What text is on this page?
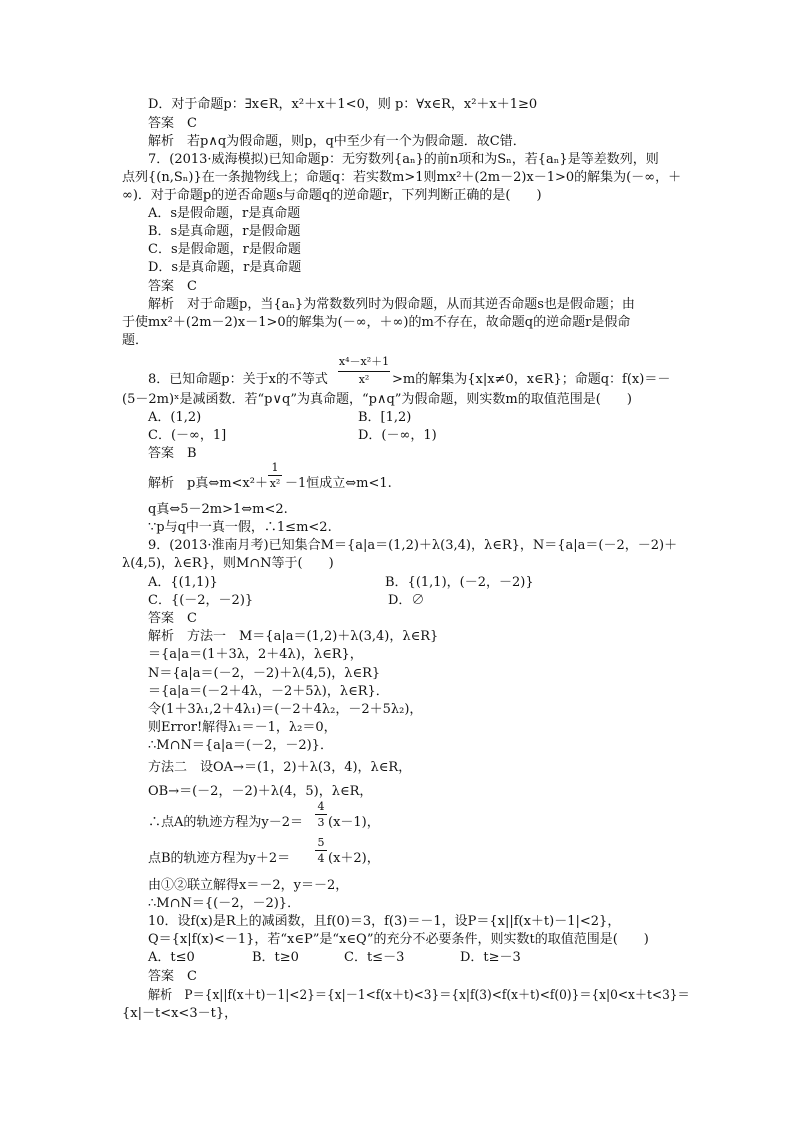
D．对于命题p：∃x∈R，x²＋x＋1<0，则 p：∀x∈R，x²＋x＋1≥0
答案　C
解析　若p∧q为假命题，则p，q中至少有一个为假命题．故C错．
7．(2013·威海模拟)已知命题p：无穷数列{aₙ}的前n项和为Sₙ，若{aₙ}是等差数列，则
点列{(n,Sₙ)}在一条抛物线上；命题q：若实数m>1则mx²＋(2m－2)x－1>0的解集为(－∞，＋
∞)．对于命题p的逆否命题s与命题q的逆命题r，下列判断正确的是(　　)
A．s是假命题，r是真命题
B．s是真命题，r是假命题
C．s是假命题，r是假命题
D．s是真命题，r是真命题
答案　C
解析　对于命题p，当{aₙ}为常数数列时为假命题，从而其逆否命题s也是假命题；由
于使mx²＋(2m－2)x－1>0的解集为(－∞，＋∞)的m不存在，故命题q的逆命题r是假命
题．
8．已知命题p：关于x的不等式
x⁴－x²＋1
x²	>m的解集为{x|x≠0，x∈R}；命题q：f(x)＝－
(5－2m)ˣ是减函数．若“p∨q”为真命题，“p∧q”为假命题，则实数m的取值范围是(　　)
A．(1,2)	B．[1,2)
C．(－∞，1]	D．(－∞，1)
答案　B
解析　p真⇔m<x²＋
1
x² －1恒成立⇔m<1.
q真⇔5－2m>1⇔m<2.
∵p与q中一真一假，∴1≤m<2.
9．(2013·淮南月考)已知集合M＝{a|a＝(1,2)＋λ(3,4)，λ∈R}，N＝{a|a＝(－2，－2)＋
λ(4,5)，λ∈R}，则M∩N等于(　　)
A．{(1,1)}	B．{(1,1)，(－2，－2)}
C．{(－2，－2)}	D．∅
答案　C
解析　方法一　M＝{a|a＝(1,2)＋λ(3,4)，λ∈R}
＝{a|a＝(1＋3λ，2＋4λ)，λ∈R}，
N＝{a|a＝(－2，－2)＋λ(4,5)，λ∈R}
＝{a|a＝(－2＋4λ，－2＋5λ)，λ∈R}．
令(1＋3λ₁,2＋4λ₁)＝(－2＋4λ₂，－2＋5λ₂)，
则Error!解得λ₁＝－1，λ₂＝0，
∴M∩N＝{a|a＝(－2，－2)}．
方法二　设OA→＝(1，2)＋λ(3，4)，λ∈R，
OB→＝(－2，－2)＋λ(4，5)，λ∈R，
∴点A的轨迹方程为y－2＝
4
3 (x－1)，
点B的轨迹方程为y＋2＝
5
4 (x＋2)，
由①②联立解得x＝－2，y＝－2，
∴M∩N＝{(－2，－2)}．
10．设f(x)是R上的减函数，且f(0)＝3，f(3)＝－1，设P＝{x||f(x＋t)－1|<2}，
Q＝{x|f(x)<－1}，若“x∈P”是“x∈Q”的充分不必要条件，则实数t的取值范围是(　　)
A．t≤0	B．t≥0	C．t≤－3	D．t≥－3
答案　C
解析　P＝{x||f(x＋t)－1|<2}＝{x|－1<f(x＋t)<3}＝{x|f(3)<f(x＋t)<f(0)}＝{x|0<x＋t<3}＝
{x|－t<x<3－t}，
